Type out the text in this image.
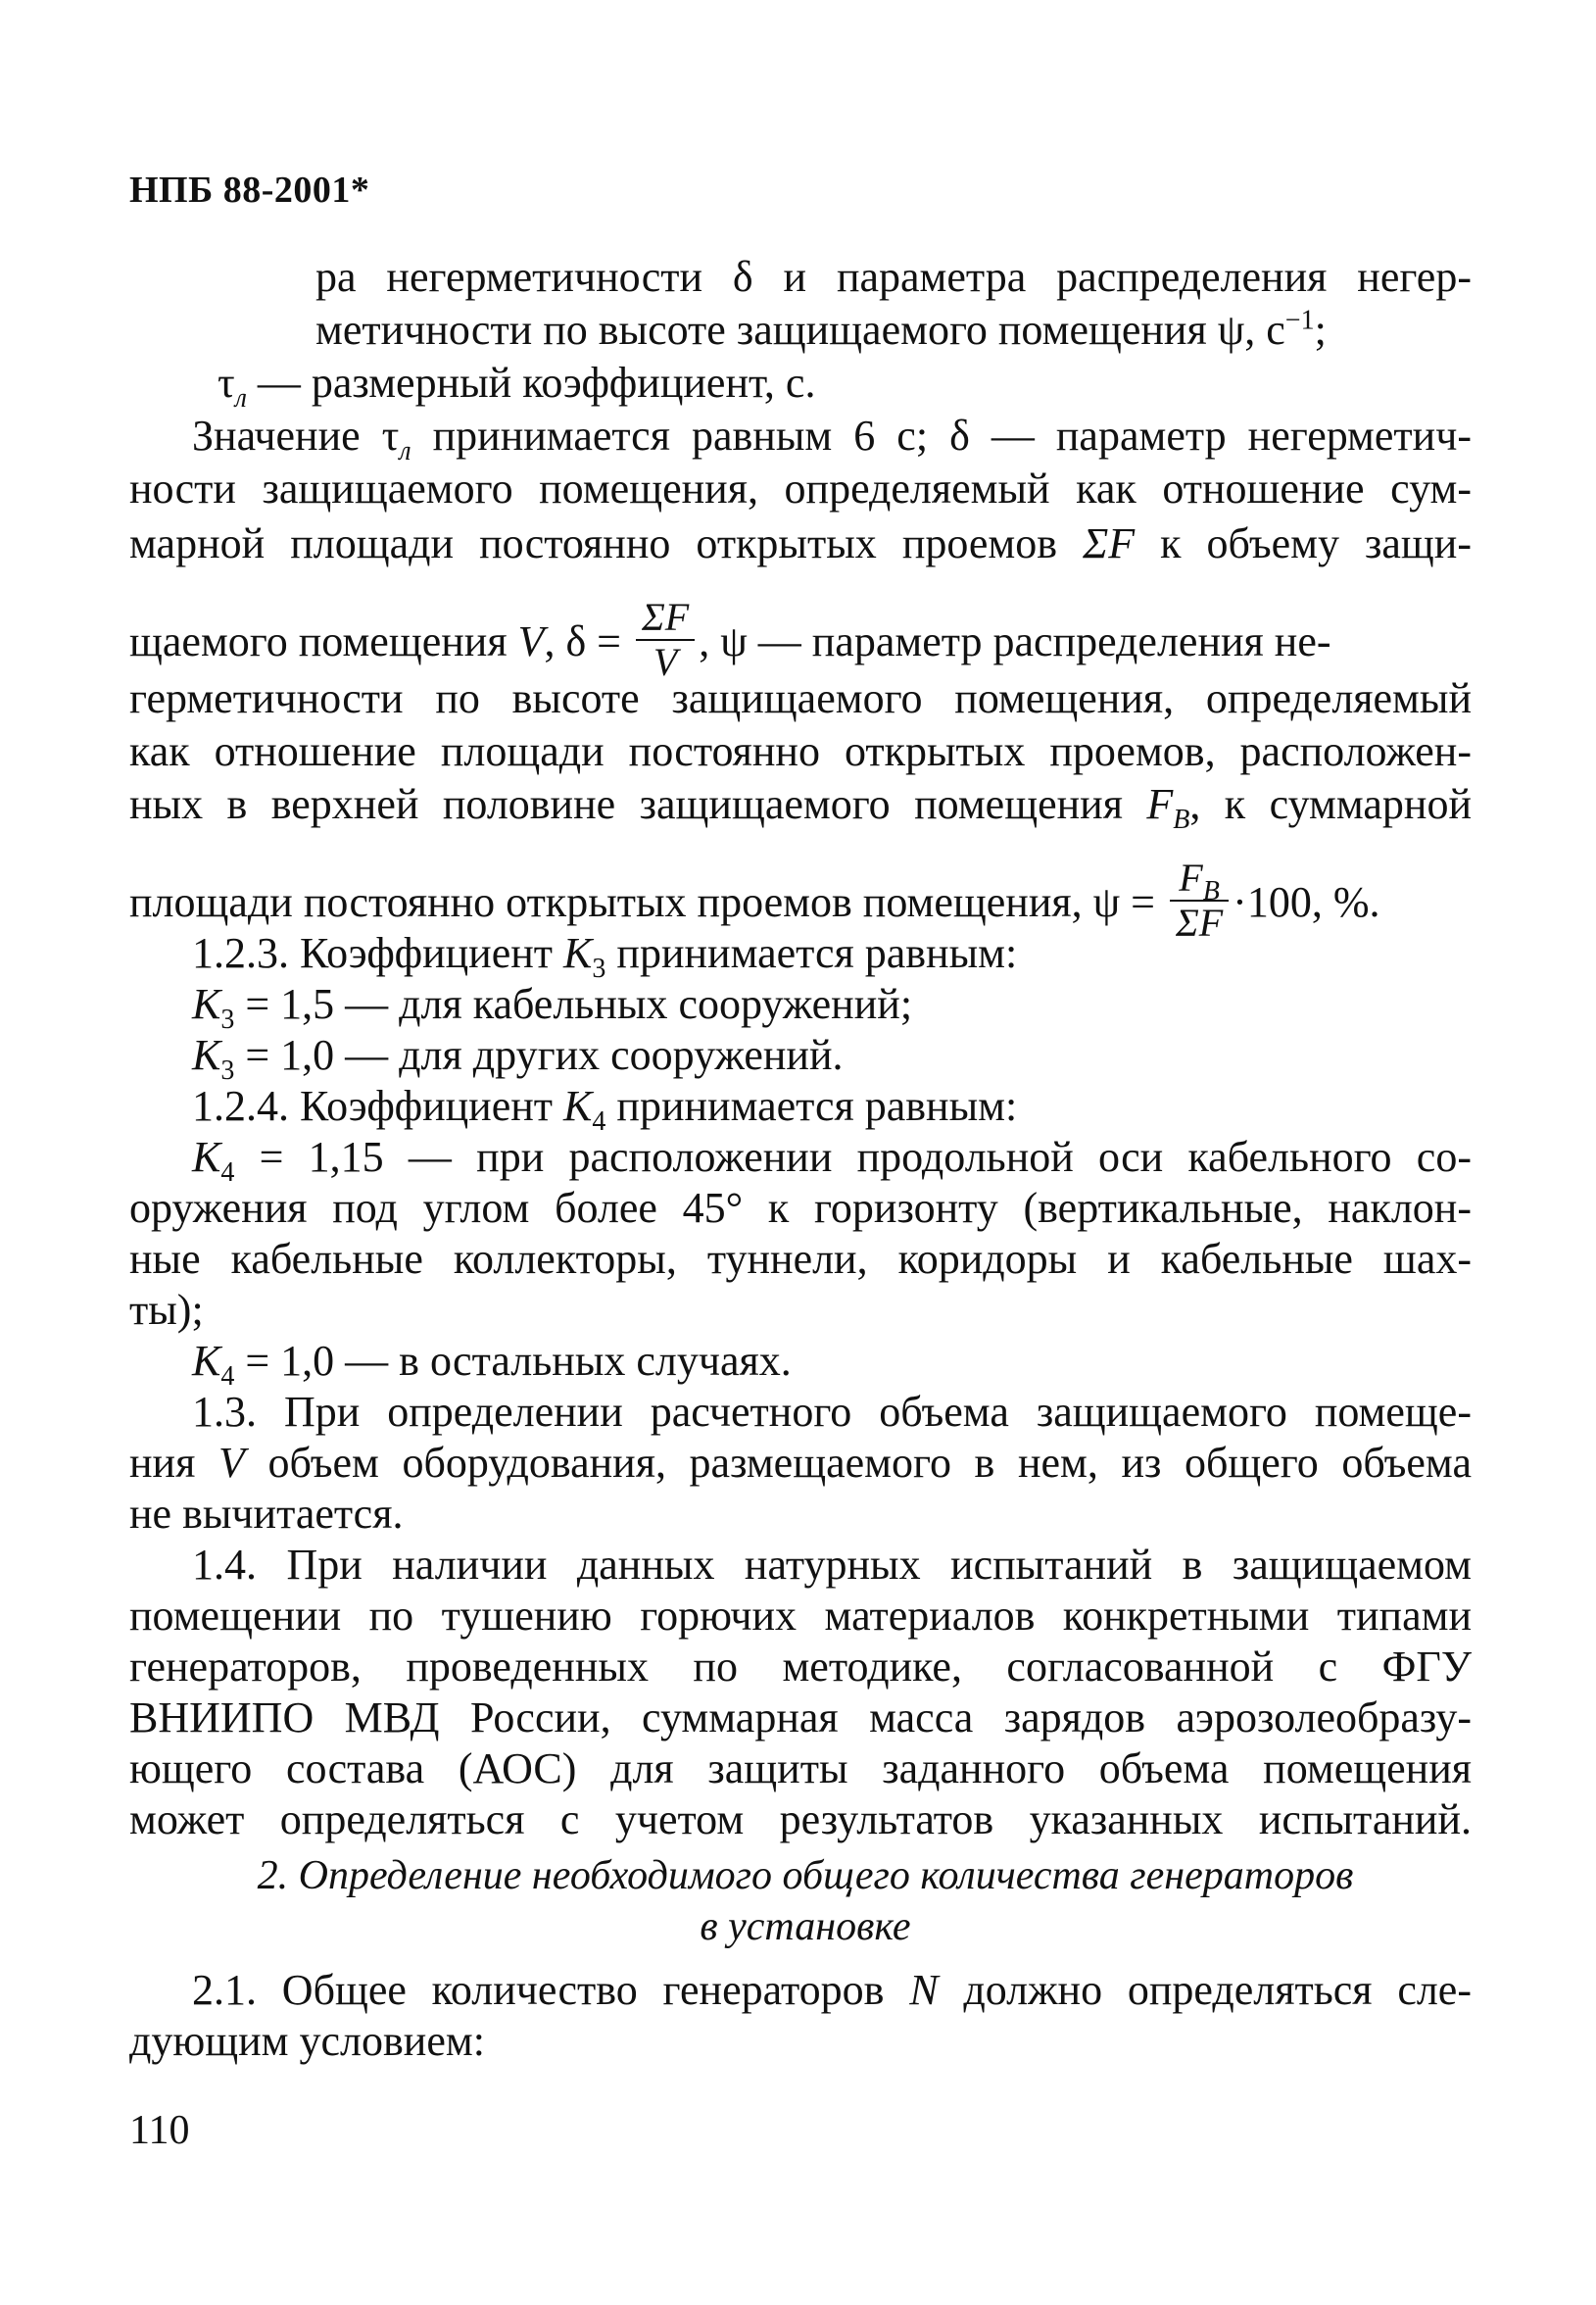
НПБ 88-2001*
ра негерметичности δ и параметра распределения негер-
метичности по высоте защищаемого помещения ψ, $с^{-1}$;
$\tau_л$ — размерный коэффициент, с.
Значение $\tau_л$ принимается равным 6 с; δ — параметр негерметич-
ности защищаемого помещения, определяемый как отношение сум-
марной площади постоянно открытых проемов ΣF к объему защи-
щаемого помещения V, $\delta = \frac{\Sigma F}{V}$ , ψ — параметр распределения не-
герметичности по высоте защищаемого помещения, определяемый
как отношение площади постоянно открытых проемов, расположен-
ных в верхней половине защищаемого помещения $F_B$, к суммарной
площади постоянно открытых проемов помещения, $\psi = \frac{F_B}{\Sigma F} \cdot 100$, %.
1.2.3. Коэффициент $K_3$ принимается равным:
$K_3 = 1,5$ — для кабельных сооружений;
$K_3 = 1,0$ — для других сооружений.
1.2.4. Коэффициент $K_4$ принимается равным:
$K_4 = 1,15$ — при расположении продольной оси кабельного со-
оружения под углом более 45° к горизонту (вертикальные, наклон-
ные кабельные коллекторы, туннели, коридоры и кабельные шах-
ты);
$K_4 = 1,0$ — в остальных случаях.
1.3. При определении расчетного объема защищаемого помеще-
ния V объем оборудования, размещаемого в нем, из общего объема
не вычитается.
1.4. При наличии данных натурных испытаний в защищаемом
помещении по тушению горючих материалов конкретными типами
генераторов, проведенных по методике, согласованной с ФГУ
ВНИИПО МВД России, суммарная масса зарядов аэрозолеобразу-
ющего состава (АОС) для защиты заданного объема помещения
может определяться с учетом результатов указанных испытаний.
2. Определение необходимого общего количества генераторов
в установке
2.1. Общее количество генераторов N должно определяться сле-
дующим условием:
110
